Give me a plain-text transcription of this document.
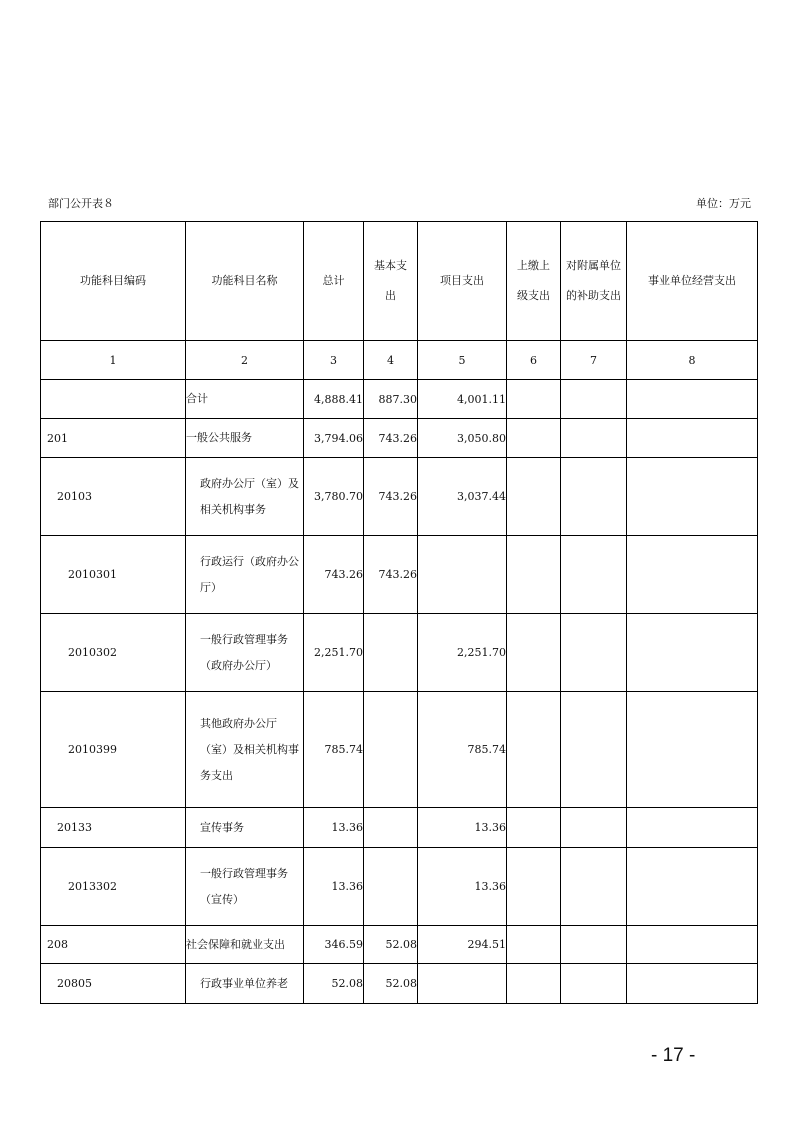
部门公开表８	单位：万元
功能科目编码	功能科目名称	总计	基本支出	项目支出	上缴上级支出	对附属单位的补助支出	事业单位经营支出
1	2	3	4	5	6	7	8
	合计	4,888.41	887.30	4,001.11			
201	一般公共服务	3,794.06	743.26	3,050.80			
20103	政府办公厅（室）及相关机构事务	3,780.70	743.26	3,037.44			
2010301	行政运行（政府办公厅）	743.26	743.26				
2010302	一般行政管理事务（政府办公厅）	2,251.70		2,251.70			
2010399	其他政府办公厅（室）及相关机构事务支出	785.74		785.74			
20133	宣传事务	13.36		13.36			
2013302	一般行政管理事务（宣传）	13.36		13.36			
208	社会保障和就业支出	346.59	52.08	294.51			
20805	行政事业单位养老	52.08	52.08				
- 17 -
